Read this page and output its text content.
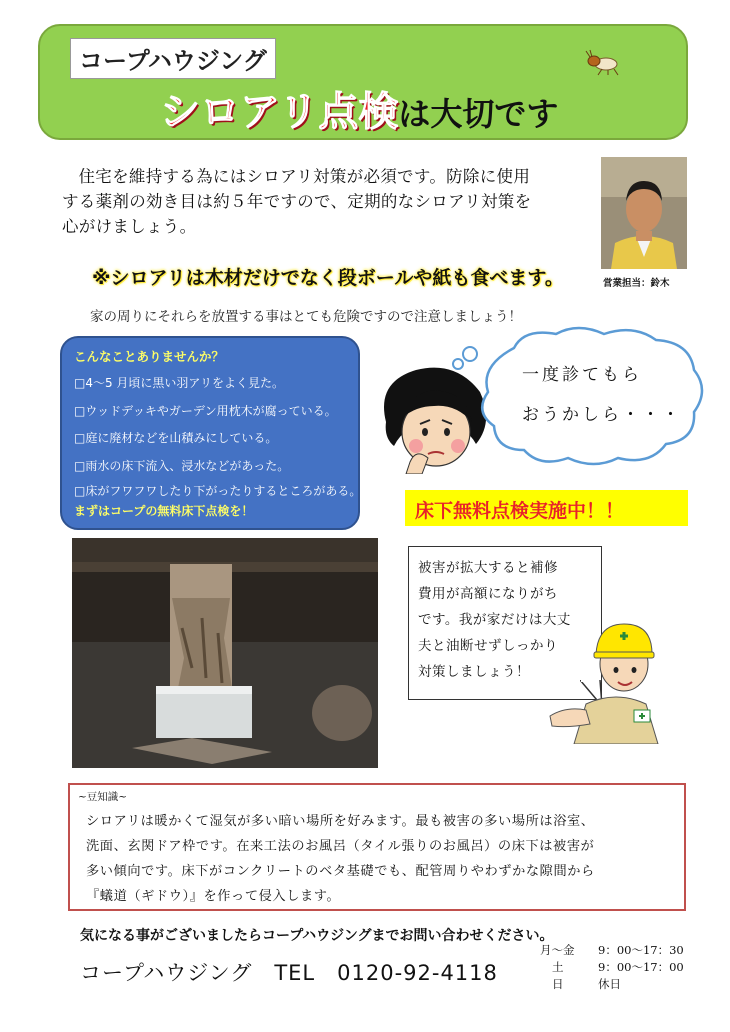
コープハウジング
シロアリ点検は大切です
住宅を維持する為にはシロアリ対策が必須です。防除に使用
する薬剤の効き目は約５年ですので、定期的なシロアリ対策を
心がけましょう。
営業担当：鈴木
※シロアリは木材だけでなく段ボールや紙も食べます。
家の周りにそれらを放置する事はとても危険ですので注意しましょう！
こんなことありませんか？
□4～5 月頃に黒い羽アリをよく見た。
□ウッドデッキやガーデン用枕木が腐っている。
□庭に廃材などを山積みにしている。
□雨水の床下流入、浸水などがあった。
□床がフワフワしたり下がったりするところがある。
まずはコープの無料床下点検を！
一度診てもら
おうかしら・・・
床下無料点検実施中！！
被害が拡大すると補修
費用が高額になりがち
です。我が家だけは大丈
夫と油断せずしっかり
対策しましょう！
~豆知識~
シロアリは暖かくて湿気が多い暗い場所を好みます。最も被害の多い場所は浴室、
洗面、玄関ドア枠です。在来工法のお風呂（タイル張りのお風呂）の床下は被害が
多い傾向です。床下がコンクリートのベタ基礎でも、配管周りやわずかな隙間から
『蟻道（ギドウ）』を作って侵入します。
気になる事がございましたらコープハウジングまでお問い合わせください。
コープハウジング　TEL　0120-92-4118
月～金 9：00～17：30
土	9：00～17：00
日	休日
